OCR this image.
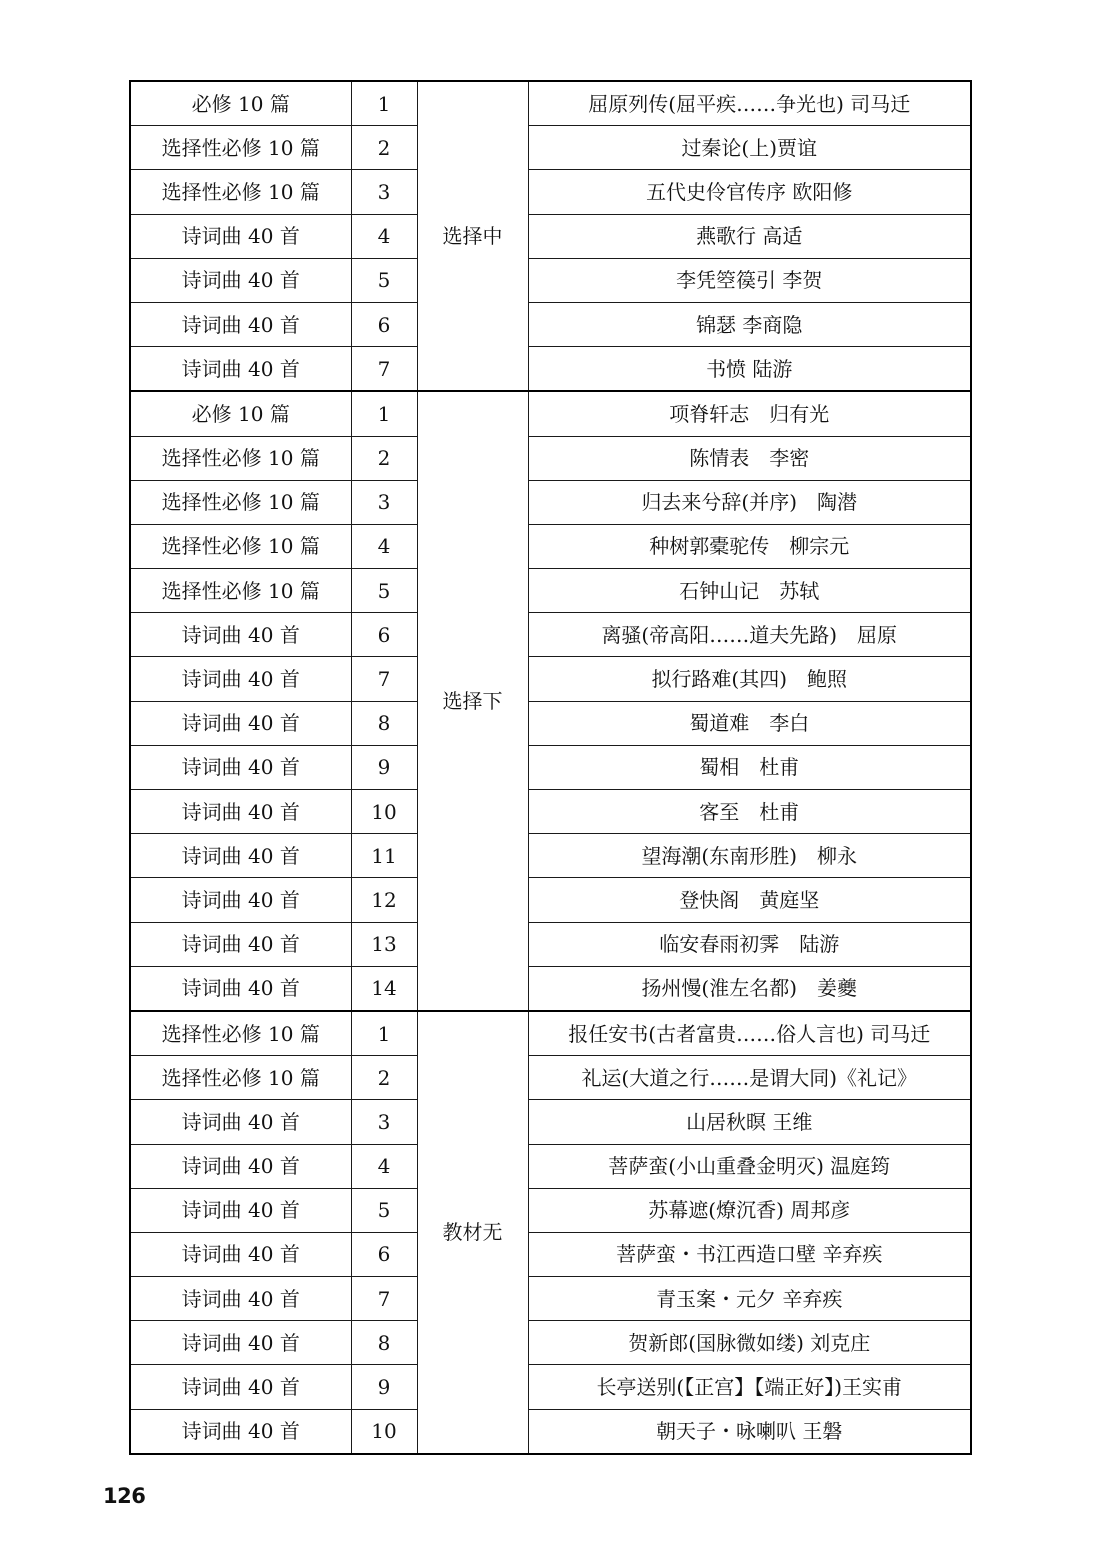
必修 10 篇	1	选择中	屈原列传(屈平疾……争光也) 司马迁
选择性必修 10 篇	2		过秦论(上)贾谊
选择性必修 10 篇	3		五代史伶官传序 欧阳修
诗词曲 40 首	4		燕歌行 高适
诗词曲 40 首	5		李凭箜篌引 李贺
诗词曲 40 首	6		锦瑟 李商隐
诗词曲 40 首	7		书愤 陆游
必修 10 篇	1	选择下	项脊轩志　归有光
选择性必修 10 篇	2		陈情表　李密
选择性必修 10 篇	3		归去来兮辞(并序)　陶潜
选择性必修 10 篇	4		种树郭橐驼传　柳宗元
选择性必修 10 篇	5		石钟山记　苏轼
诗词曲 40 首	6		离骚(帝高阳……道夫先路)　屈原
诗词曲 40 首	7		拟行路难(其四)　鲍照
诗词曲 40 首	8		蜀道难　李白
诗词曲 40 首	9		蜀相　杜甫
诗词曲 40 首	10		客至　杜甫
诗词曲 40 首	11		望海潮(东南形胜)　柳永
诗词曲 40 首	12		登快阁　黄庭坚
诗词曲 40 首	13		临安春雨初霁　陆游
诗词曲 40 首	14		扬州慢(淮左名都)　姜夔
选择性必修 10 篇	1	教材无	报任安书(古者富贵……俗人言也) 司马迁
选择性必修 10 篇	2		礼运(大道之行……是谓大同)《礼记》
诗词曲 40 首	3		山居秋暝 王维
诗词曲 40 首	4		菩萨蛮(小山重叠金明灭) 温庭筠
诗词曲 40 首	5		苏幕遮(燎沉香) 周邦彦
诗词曲 40 首	6		菩萨蛮・书江西造口壁 辛弃疾
诗词曲 40 首	7		青玉案・元夕 辛弃疾
诗词曲 40 首	8		贺新郎(国脉微如缕) 刘克庄
诗词曲 40 首	9		长亭送别(【正宫】【端正好】)王实甫
诗词曲 40 首	10		朝天子・咏喇叭 王磐
126
